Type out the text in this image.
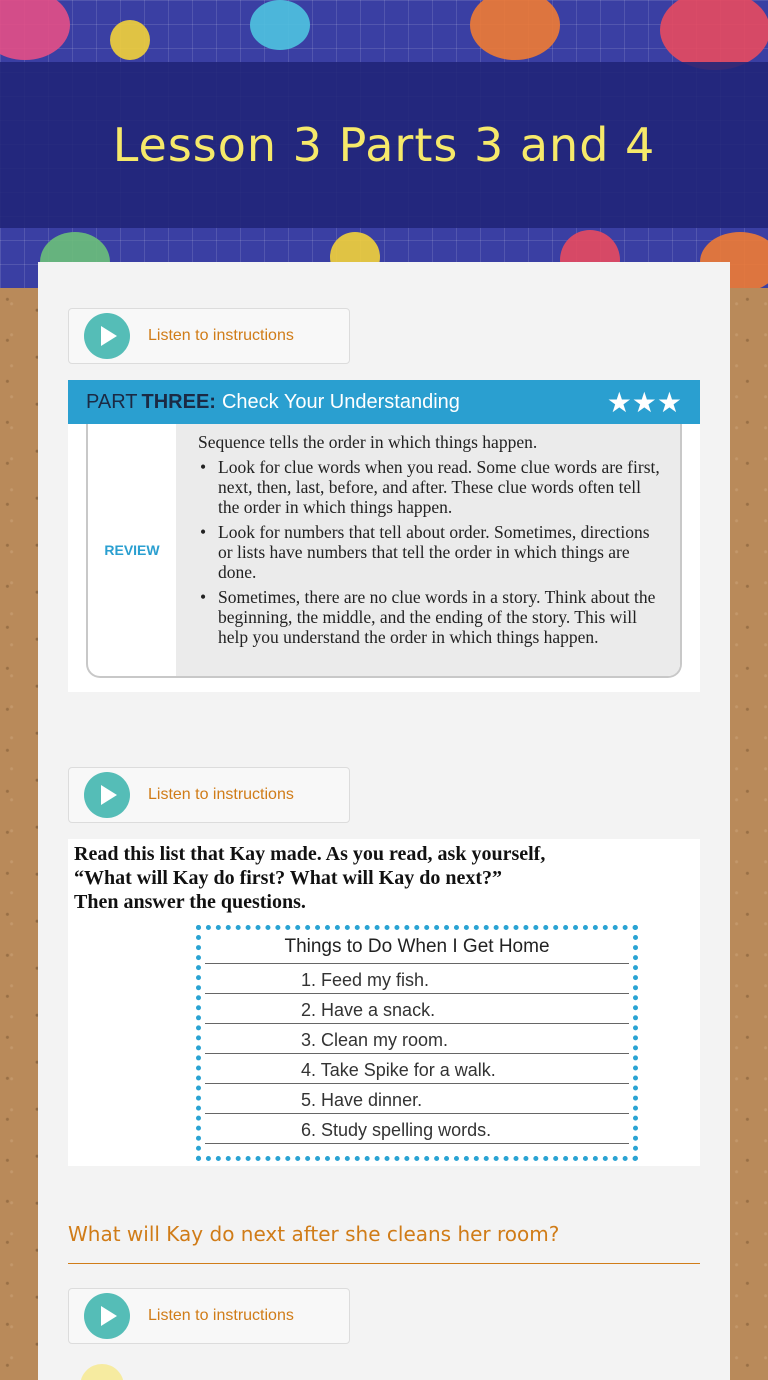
Lesson 3 Parts 3 and 4
Listen to instructions
PART THREE: Check Your Understanding	★★★
REVIEW
Sequence tells the order in which things happen.
• Look for clue words when you read. Some clue words are first, next, then, last, before, and after. These clue words often tell the order in which things happen.
• Look for numbers that tell about order. Sometimes, directions or lists have numbers that tell the order in which things are done.
• Sometimes, there are no clue words in a story. Think about the beginning, the middle, and the ending of the story. This will help you understand the order in which things happen.
Listen to instructions
Read this list that Kay made. As you read, ask yourself,
“What will Kay do first? What will Kay do next?”
Then answer the questions.
Things to Do When I Get Home
1. Feed my fish.
2. Have a snack.
3. Clean my room.
4. Take Spike for a walk.
5. Have dinner.
6. Study spelling words.
What will Kay do next after she cleans her room?
Listen to instructions
